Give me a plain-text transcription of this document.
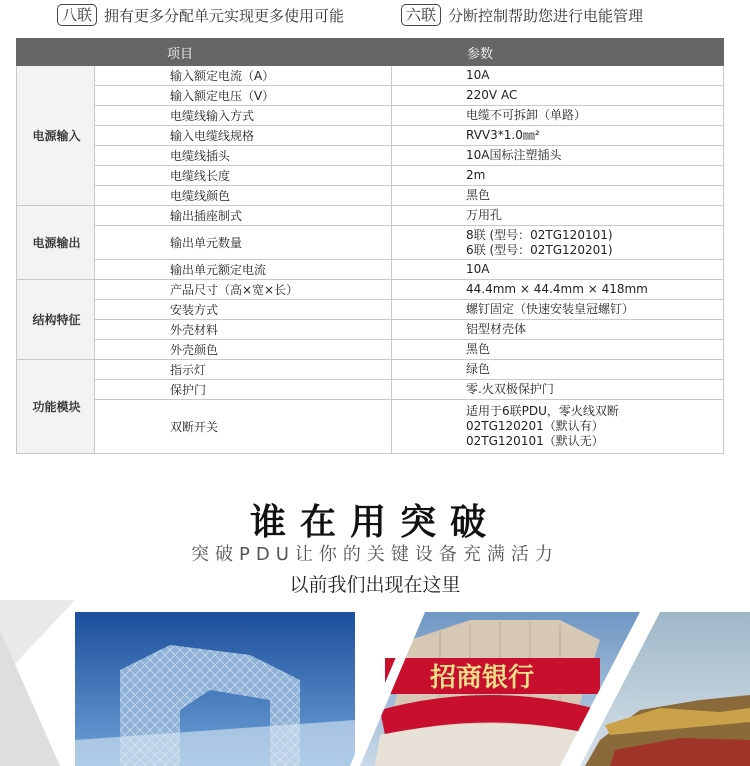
八联 拥有更多分配单元实现更多使用可能	六联 分断控制帮助您进行电能管理
项目		参数
电源输入	输入额定电流（A）	10A

	输入额定电压（V）	220V AC

	电缆线输入方式	电缆不可拆卸（单路）

	输入电缆线规格	RVV3*1.0㎜²

	电缆线插头	10A国标注塑插头

	电缆线长度	2m

	电缆线颜色	黑色

电源输出	输出插座制式	万用孔

	输出单元数量	8联 (型号：02TG120101)
6联 (型号：02TG120201)

	输出单元额定电流	10A

结构特征	产品尺寸（高×宽×长）	44.4mm × 44.4mm × 418mm

	安装方式	螺钉固定（快速安装皇冠螺钉）

	外壳材料	铝型材壳体

	外壳颜色	黑色

功能模块	指示灯	绿色

	保护门	零.火双极保护门

	双断开关	适用于6联PDU，零火线双断
02TG120201（默认有）
02TG120101（默认无）
谁在用突破
突破PDU让你的关键设备充满活力
以前我们出现在这里
招商银行
